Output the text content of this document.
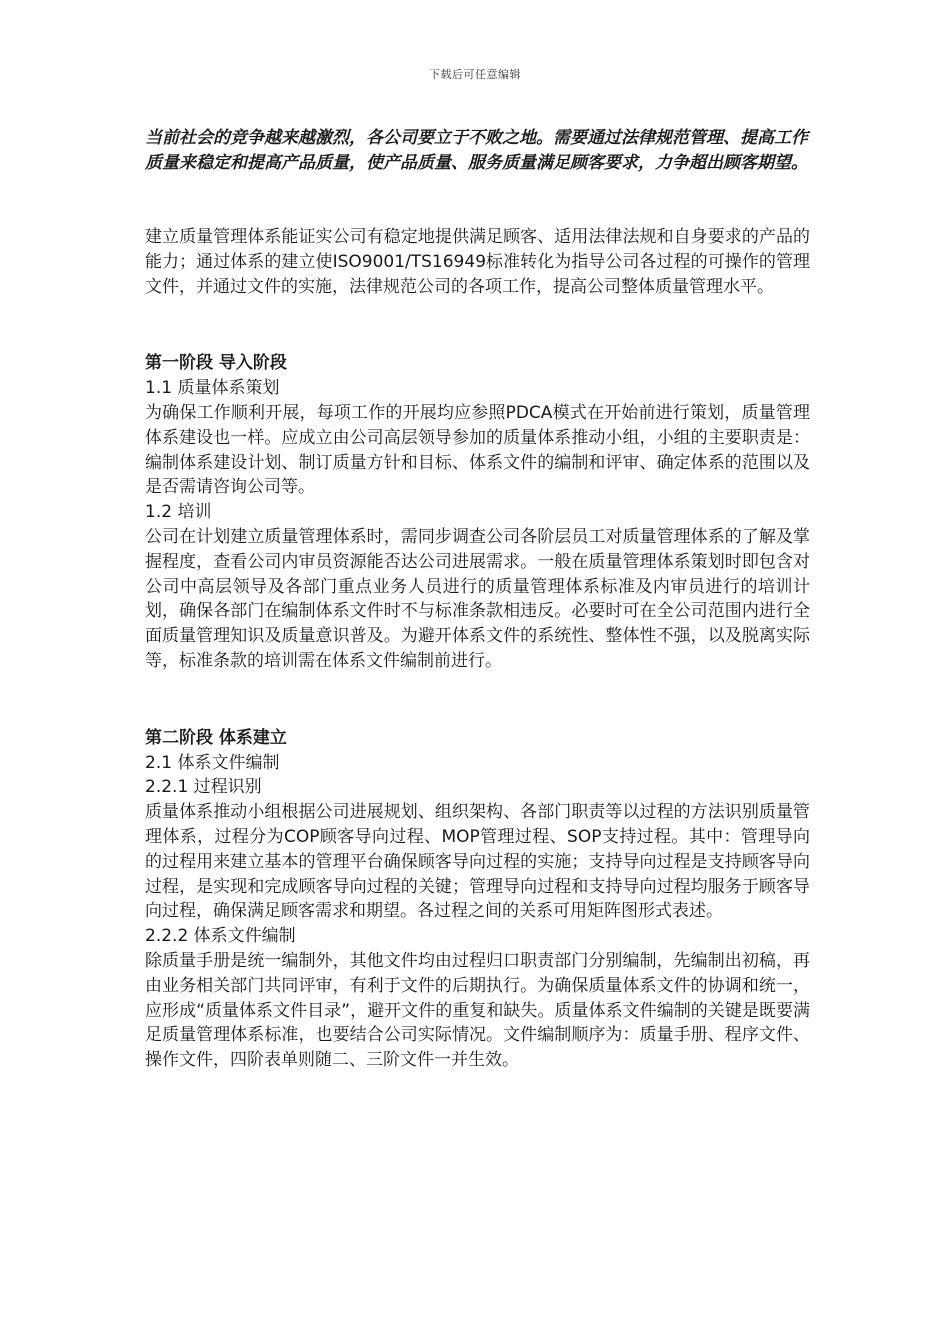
下载后可任意编辑

当前社会的竞争越来越激烈，各公司要立于不败之地。需要通过法律规范管理、提高工作质量来稳定和提高产品质量，使产品质量、服务质量满足顾客要求，力争超出顾客期望。

建立质量管理体系能证实公司有稳定地提供满足顾客、适用法律法规和自身要求的产品的能力；通过体系的建立使ISO9001/TS16949标准转化为指导公司各过程的可操作的管理文件，并通过文件的实施，法律规范公司的各项工作，提高公司整体质量管理水平。

第一阶段 导入阶段

1.1 质量体系策划

为确保工作顺利开展，每项工作的开展均应参照PDCA模式在开始前进行策划，质量管理体系建设也一样。应成立由公司高层领导参加的质量体系推动小组，小组的主要职责是：编制体系建设计划、制订质量方针和目标、体系文件的编制和评审、确定体系的范围以及是否需请咨询公司等。

1.2 培训

公司在计划建立质量管理体系时，需同步调查公司各阶层员工对质量管理体系的了解及掌握程度，查看公司内审员资源能否达公司进展需求。一般在质量管理体系策划时即包含对公司中高层领导及各部门重点业务人员进行的质量管理体系标准及内审员进行的培训计划，确保各部门在编制体系文件时不与标准条款相违反。必要时可在全公司范围内进行全面质量管理知识及质量意识普及。为避开体系文件的系统性、整体性不强，以及脱离实际等，标准条款的培训需在体系文件编制前进行。

第二阶段 体系建立

2.1 体系文件编制

2.2.1 过程识别

质量体系推动小组根据公司进展规划、组织架构、各部门职责等以过程的方法识别质量管理体系，过程分为COP顾客导向过程、MOP管理过程、SOP支持过程。其中：管理导向的过程用来建立基本的管理平台确保顾客导向过程的实施；支持导向过程是支持顾客导向过程，是实现和完成顾客导向过程的关键；管理导向过程和支持导向过程均服务于顾客导向过程，确保满足顾客需求和期望。各过程之间的关系可用矩阵图形式表述。

2.2.2 体系文件编制

除质量手册是统一编制外，其他文件均由过程归口职责部门分别编制，先编制出初稿，再由业务相关部门共同评审，有利于文件的后期执行。为确保质量体系文件的协调和统一，应形成“质量体系文件目录”，避开文件的重复和缺失。质量体系文件编制的关键是既要满足质量管理体系标准，也要结合公司实际情况。文件编制顺序为：质量手册、程序文件、操作文件，四阶表单则随二、三阶文件一并生效。
